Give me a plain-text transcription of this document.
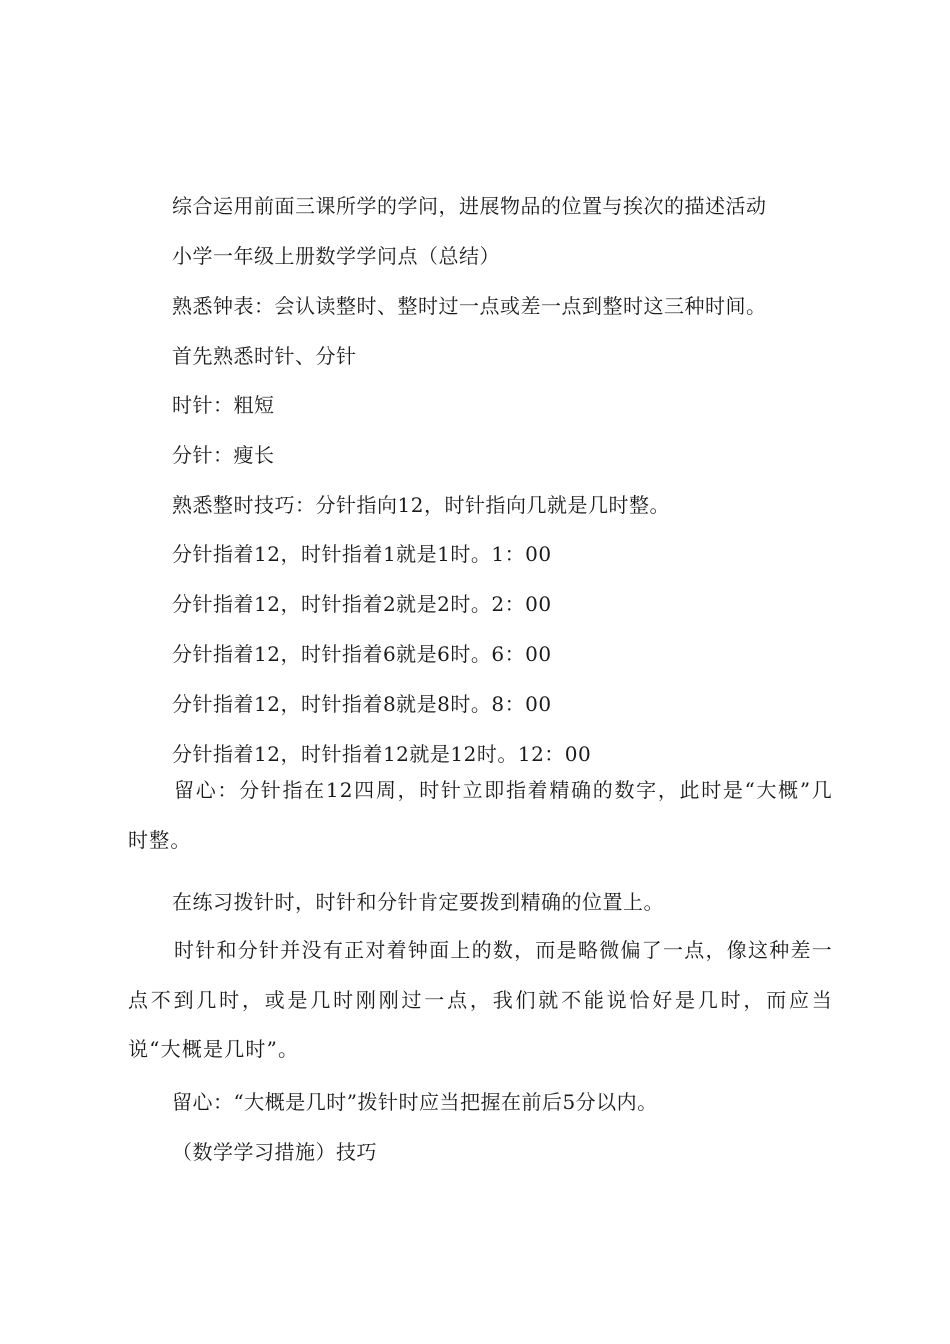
综合运用前面三课所学的学问，进展物品的位置与挨次的描述活动
小学一年级上册数学学问点（总结）
熟悉钟表：会认读整时、整时过一点或差一点到整时这三种时间。
首先熟悉时针、分针
时针：粗短
分针：瘦长
熟悉整时技巧：分针指向12，时针指向几就是几时整。
分针指着12，时针指着1就是1时。1：00
分针指着12，时针指着2就是2时。2：00
分针指着12，时针指着6就是6时。6：00
分针指着12，时针指着8就是8时。8：00
分针指着12，时针指着12就是12时。12：00
留心：分针指在12四周，时针立即指着精确的数字，此时是“大概”几时整。
在练习拨针时，时针和分针肯定要拨到精确的位置上。
时针和分针并没有正对着钟面上的数，而是略微偏了一点，像这种差一点不到几时，或是几时刚刚过一点，我们就不能说恰好是几时，而应当说“大概是几时”。
留心：“大概是几时”拨针时应当把握在前后5分以内。
（数学学习措施）技巧
